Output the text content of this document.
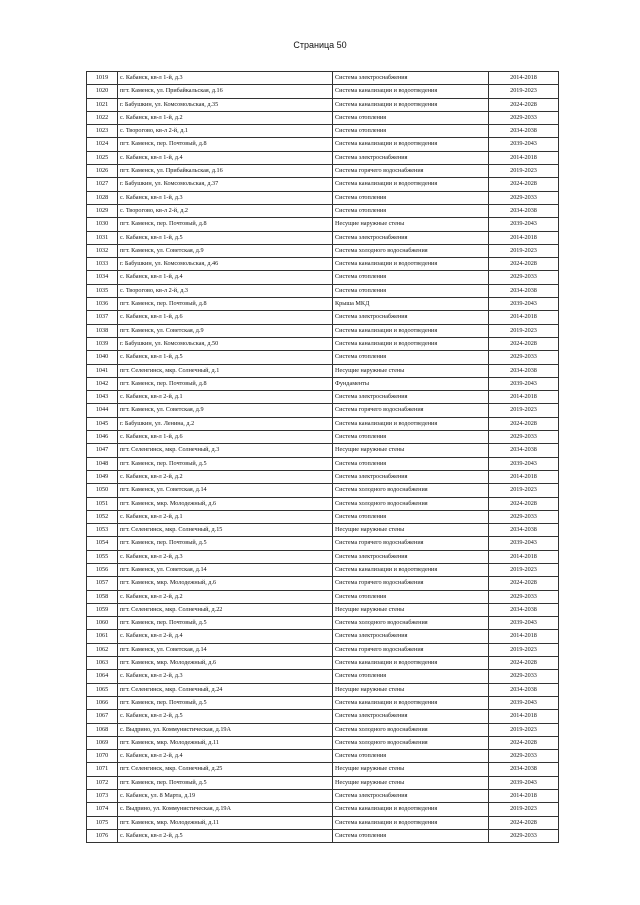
Страница 50
1019	с. Кабанск, кв-л 1-й, д.3	Система электроснабжения	2014-2018
1020	пгт. Каменск, ул. Прибайкальская, д.16	Система канализации и водоотведения	2019-2023
1021	г. Бабушкин, ул. Комсомольская, д.35	Система канализации и водоотведения	2024-2028
1022	с. Кабанск, кв-л 1-й, д.2	Система отопления	2029-2033
1023	с. Творогово, кв-л 2-й, д.1	Система отопления	2034-2038
1024	пгт. Каменск, пер. Почтовый, д.8	Система канализации и водоотведения	2039-2043
1025	с. Кабанск, кв-л 1-й, д.4	Система электроснабжения	2014-2018
1026	пгт. Каменск, ул. Прибайкальская, д.16	Система горячего водоснабжения	2019-2023
1027	г. Бабушкин, ул. Комсомольская, д.37	Система канализации и водоотведения	2024-2028
1028	с. Кабанск, кв-л 1-й, д.3	Система отопления	2029-2033
1029	с. Творогово, кв-л 2-й, д.2	Система отопления	2034-2038
1030	пгт. Каменск, пер. Почтовый, д.8	Несущие наружные стены	2039-2043
1031	с. Кабанск, кв-л 1-й, д.5	Система электроснабжения	2014-2018
1032	пгт. Каменск, ул. Советская, д.9	Система холодного водоснабжения	2019-2023
1033	г. Бабушкин, ул. Комсомольская, д.46	Система канализации и водоотведения	2024-2028
1034	с. Кабанск, кв-л 1-й, д.4	Система отопления	2029-2033
1035	с. Творогово, кв-л 2-й, д.3	Система отопления	2034-2038
1036	пгт. Каменск, пер. Почтовый, д.8	Крыша МКД	2039-2043
1037	с. Кабанск, кв-л 1-й, д.6	Система электроснабжения	2014-2018
1038	пгт. Каменск, ул. Советская, д.9	Система канализации и водоотведения	2019-2023
1039	г. Бабушкин, ул. Комсомольская, д.50	Система канализации и водоотведения	2024-2028
1040	с. Кабанск, кв-л 1-й, д.5	Система отопления	2029-2033
1041	пгт. Селенгинск, мкр. Солнечный, д.1	Несущие наружные стены	2034-2038
1042	пгт. Каменск, пер. Почтовый, д.8	Фундаменты	2039-2043
1043	с. Кабанск, кв-л 2-й, д.1	Система электроснабжения	2014-2018
1044	пгт. Каменск, ул. Советская, д.9	Система горячего водоснабжения	2019-2023
1045	г. Бабушкин, ул. Ленина, д.2	Система канализации и водоотведения	2024-2028
1046	с. Кабанск, кв-л 1-й, д.6	Система отопления	2029-2033
1047	пгт. Селенгинск, мкр. Солнечный, д.3	Несущие наружные стены	2034-2038
1048	пгт. Каменск, пер. Почтовый, д.5	Система отопления	2039-2043
1049	с. Кабанск, кв-л 2-й, д.2	Система электроснабжения	2014-2018
1050	пгт. Каменск, ул. Советская, д.14	Система холодного водоснабжения	2019-2023
1051	пгт. Каменск, мкр. Молодежный, д.6	Система холодного водоснабжения	2024-2028
1052	с. Кабанск, кв-л 2-й, д.1	Система отопления	2029-2033
1053	пгт. Селенгинск, мкр. Солнечный, д.15	Несущие наружные стены	2034-2038
1054	пгт. Каменск, пер. Почтовый, д.5	Система горячего водоснабжения	2039-2043
1055	с. Кабанск, кв-л 2-й, д.3	Система электроснабжения	2014-2018
1056	пгт. Каменск, ул. Советская, д.14	Система канализации и водоотведения	2019-2023
1057	пгт. Каменск, мкр. Молодежный, д.6	Система горячего водоснабжения	2024-2028
1058	с. Кабанск, кв-л 2-й, д.2	Система отопления	2029-2033
1059	пгт. Селенгинск, мкр. Солнечный, д.22	Несущие наружные стены	2034-2038
1060	пгт. Каменск, пер. Почтовый, д.5	Система холодного водоснабжения	2039-2043
1061	с. Кабанск, кв-л 2-й, д.4	Система электроснабжения	2014-2018
1062	пгт. Каменск, ул. Советская, д.14	Система горячего водоснабжения	2019-2023
1063	пгт. Каменск, мкр. Молодежный, д.6	Система канализации и водоотведения	2024-2028
1064	с. Кабанск, кв-л 2-й, д.3	Система отопления	2029-2033
1065	пгт. Селенгинск, мкр. Солнечный, д.24	Несущие наружные стены	2034-2038
1066	пгт. Каменск, пер. Почтовый, д.5	Система канализации и водоотведения	2039-2043
1067	с. Кабанск, кв-л 2-й, д.5	Система электроснабжения	2014-2018
1068	с. Выдрино, ул. Коммунистическая, д.19А	Система холодного водоснабжения	2019-2023
1069	пгт. Каменск, мкр. Молодежный, д.11	Система холодного водоснабжения	2024-2028
1070	с. Кабанск, кв-л 2-й, д.4	Система отопления	2029-2033
1071	пгт. Селенгинск, мкр. Солнечный, д.25	Несущие наружные стены	2034-2038
1072	пгт. Каменск, пер. Почтовый, д.5	Несущие наружные стены	2039-2043
1073	с. Кабанск, ул. 8 Марта, д.19	Система электроснабжения	2014-2018
1074	с. Выдрино, ул. Коммунистическая, д.19А	Система канализации и водоотведения	2019-2023
1075	пгт. Каменск, мкр. Молодежный, д.11	Система канализации и водоотведения	2024-2028
1076	с. Кабанск, кв-л 2-й, д.5	Система отопления	2029-2033
